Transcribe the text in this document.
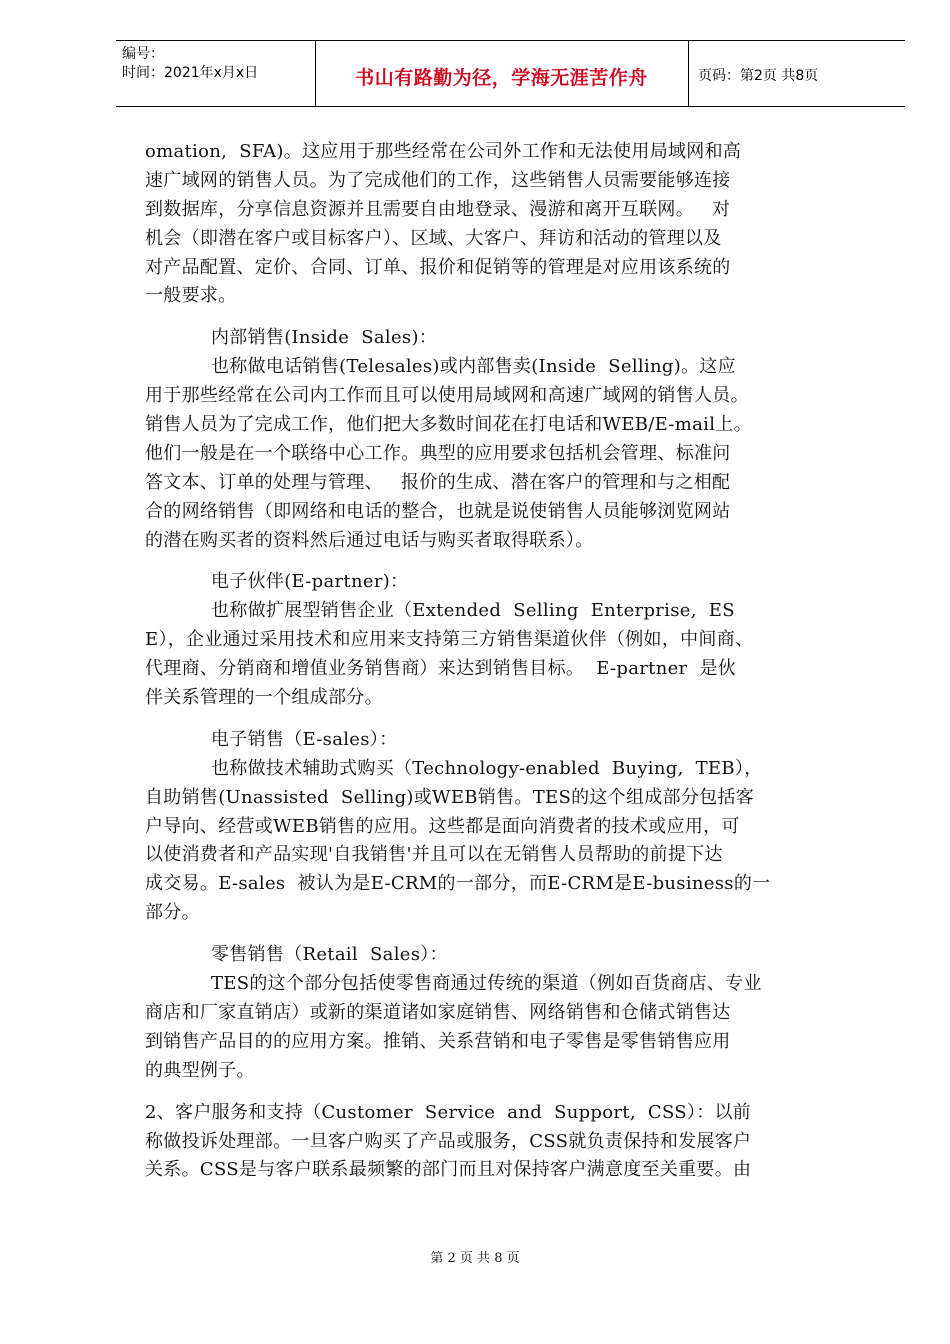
编号：
时间：2021年x月x日	书山有路勤为径，学海无涯苦作舟	页码：第2页 共8页
omation,  SFA)。这应用于那些经常在公司外工作和无法使用局域网和高
速广域网的销售人员。为了完成他们的工作，这些销售人员需要能够连接
到数据库，分享信息资源并且需要自由地登录、漫游和离开互联网。   对
机会（即潜在客户或目标客户）、区域、大客户、拜访和活动的管理以及
对产品配置、定价、合同、订单、报价和促销等的管理是对应用该系统的
一般要求。
内部销售(Inside  Sales)：
也称做电话销售(Telesales)或内部售卖(Inside  Selling)。这应
用于那些经常在公司内工作而且可以使用局域网和高速广域网的销售人员。
销售人员为了完成工作，他们把大多数时间花在打电话和WEB/E-mail上。
他们一般是在一个联络中心工作。典型的应用要求包括机会管理、标准问
答文本、订单的处理与管理、   报价的生成、潜在客户的管理和与之相配
合的网络销售（即网络和电话的整合，也就是说使销售人员能够浏览网站
的潜在购买者的资料然后通过电话与购买者取得联系）。
电子伙伴(E-partner)：
也称做扩展型销售企业（Extended  Selling  Enterprise,  ES
E），企业通过采用技术和应用来支持第三方销售渠道伙伴（例如，中间商、
代理商、分销商和增值业务销售商）来达到销售目标。  E-partner  是伙
伴关系管理的一个组成部分。
电子销售（E-sales）：
也称做技术辅助式购买（Technology-enabled  Buying,  TEB），
自助销售(Unassisted  Selling)或WEB销售。TES的这个组成部分包括客
户导向、经营或WEB销售的应用。这些都是面向消费者的技术或应用，可
以使消费者和产品实现'自我销售'并且可以在无销售人员帮助的前提下达
成交易。E-sales  被认为是E-CRM的一部分，而E-CRM是E-business的一
部分。
零售销售（Retail  Sales）：
TES的这个部分包括使零售商通过传统的渠道（例如百货商店、专业
商店和厂家直销店）或新的渠道诸如家庭销售、网络销售和仓储式销售达
到销售产品目的的应用方案。推销、关系营销和电子零售是零售销售应用
的典型例子。
2、客户服务和支持（Customer  Service  and  Support,  CSS）：以前
称做投诉处理部。一旦客户购买了产品或服务，CSS就负责保持和发展客户
关系。CSS是与客户联系最频繁的部门而且对保持客户满意度至关重要。由
第 2 页 共 8 页
